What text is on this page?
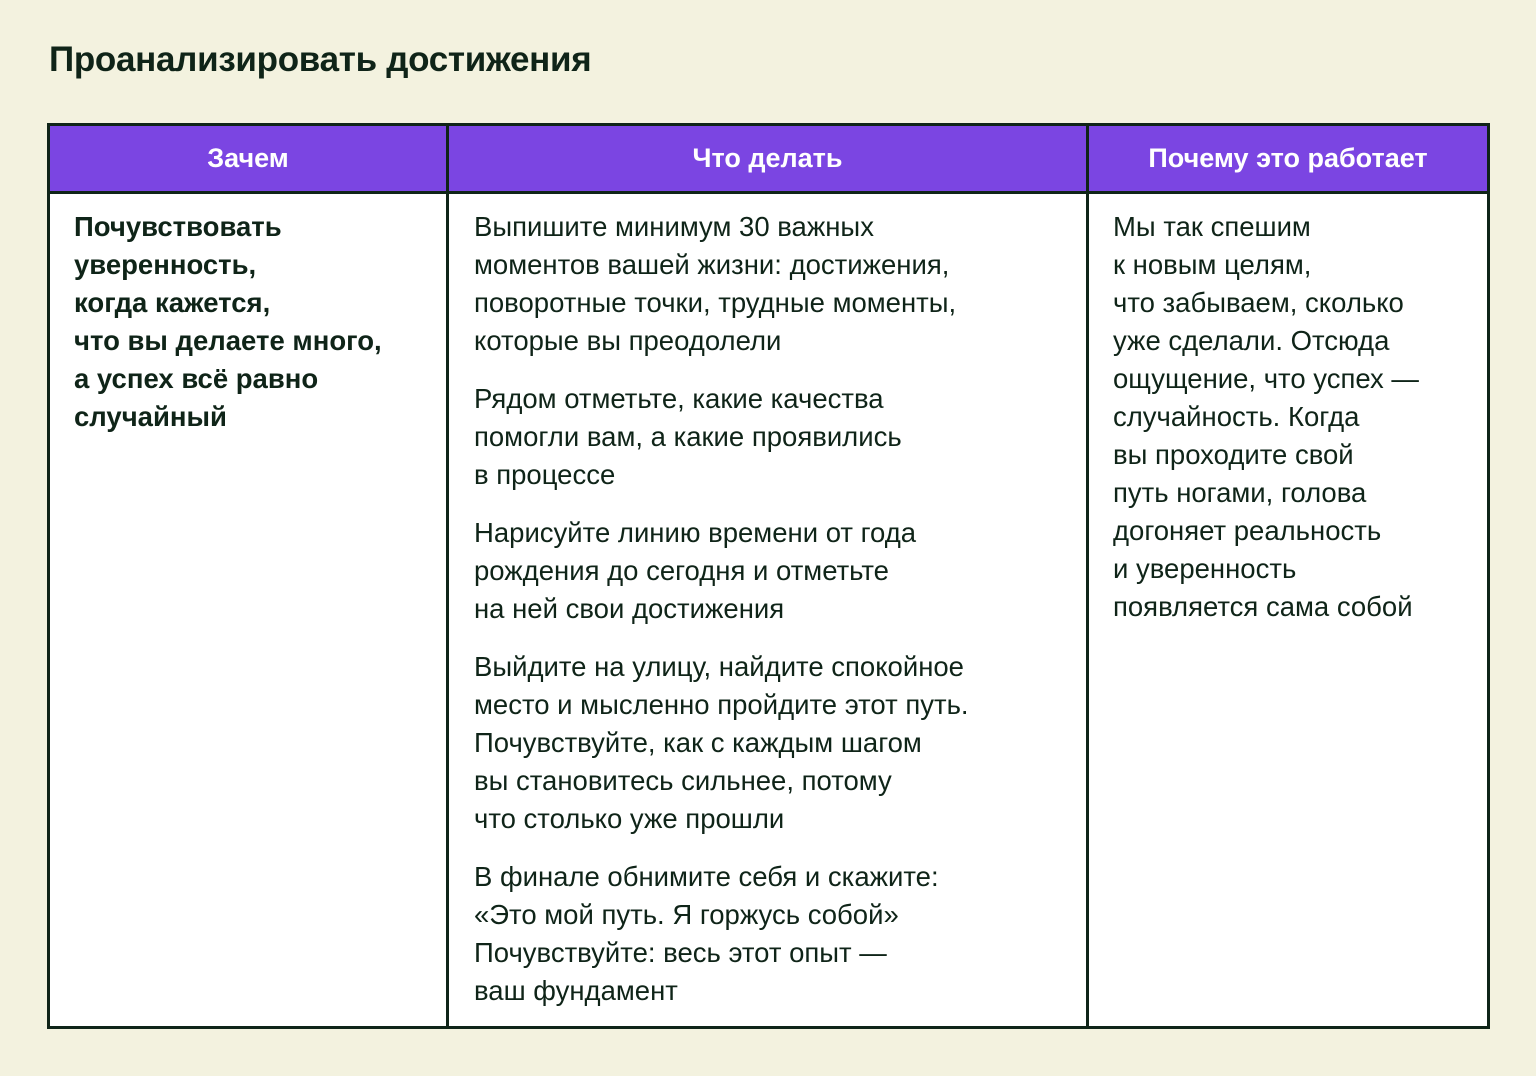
Проанализировать достижения
Зачем	Что делать	Почему это работает
Почувствовать
уверенность,
когда кажется,
что вы делаете много,
а успех всё равно
случайный
Выпишите минимум 30 важных
моментов вашей жизни: достижения,
поворотные точки, трудные моменты,
которые вы преодолели
Рядом отметьте, какие качества
помогли вам, а какие проявились
в процессе
Нарисуйте линию времени от года
рождения до сегодня и отметьте
на ней свои достижения
Выйдите на улицу, найдите спокойное
место и мысленно пройдите этот путь.
Почувствуйте, как с каждым шагом
вы становитесь сильнее, потому
что столько уже прошли
В финале обнимите себя и скажите:
«Это мой путь. Я горжусь собой»
Почувствуйте: весь этот опыт —
ваш фундамент
Мы так спешим
к новым целям,
что забываем, сколько
уже сделали. Отсюда
ощущение, что успех —
случайность. Когда
вы проходите свой
путь ногами, голова
догоняет реальность
и уверенность
появляется сама собой
